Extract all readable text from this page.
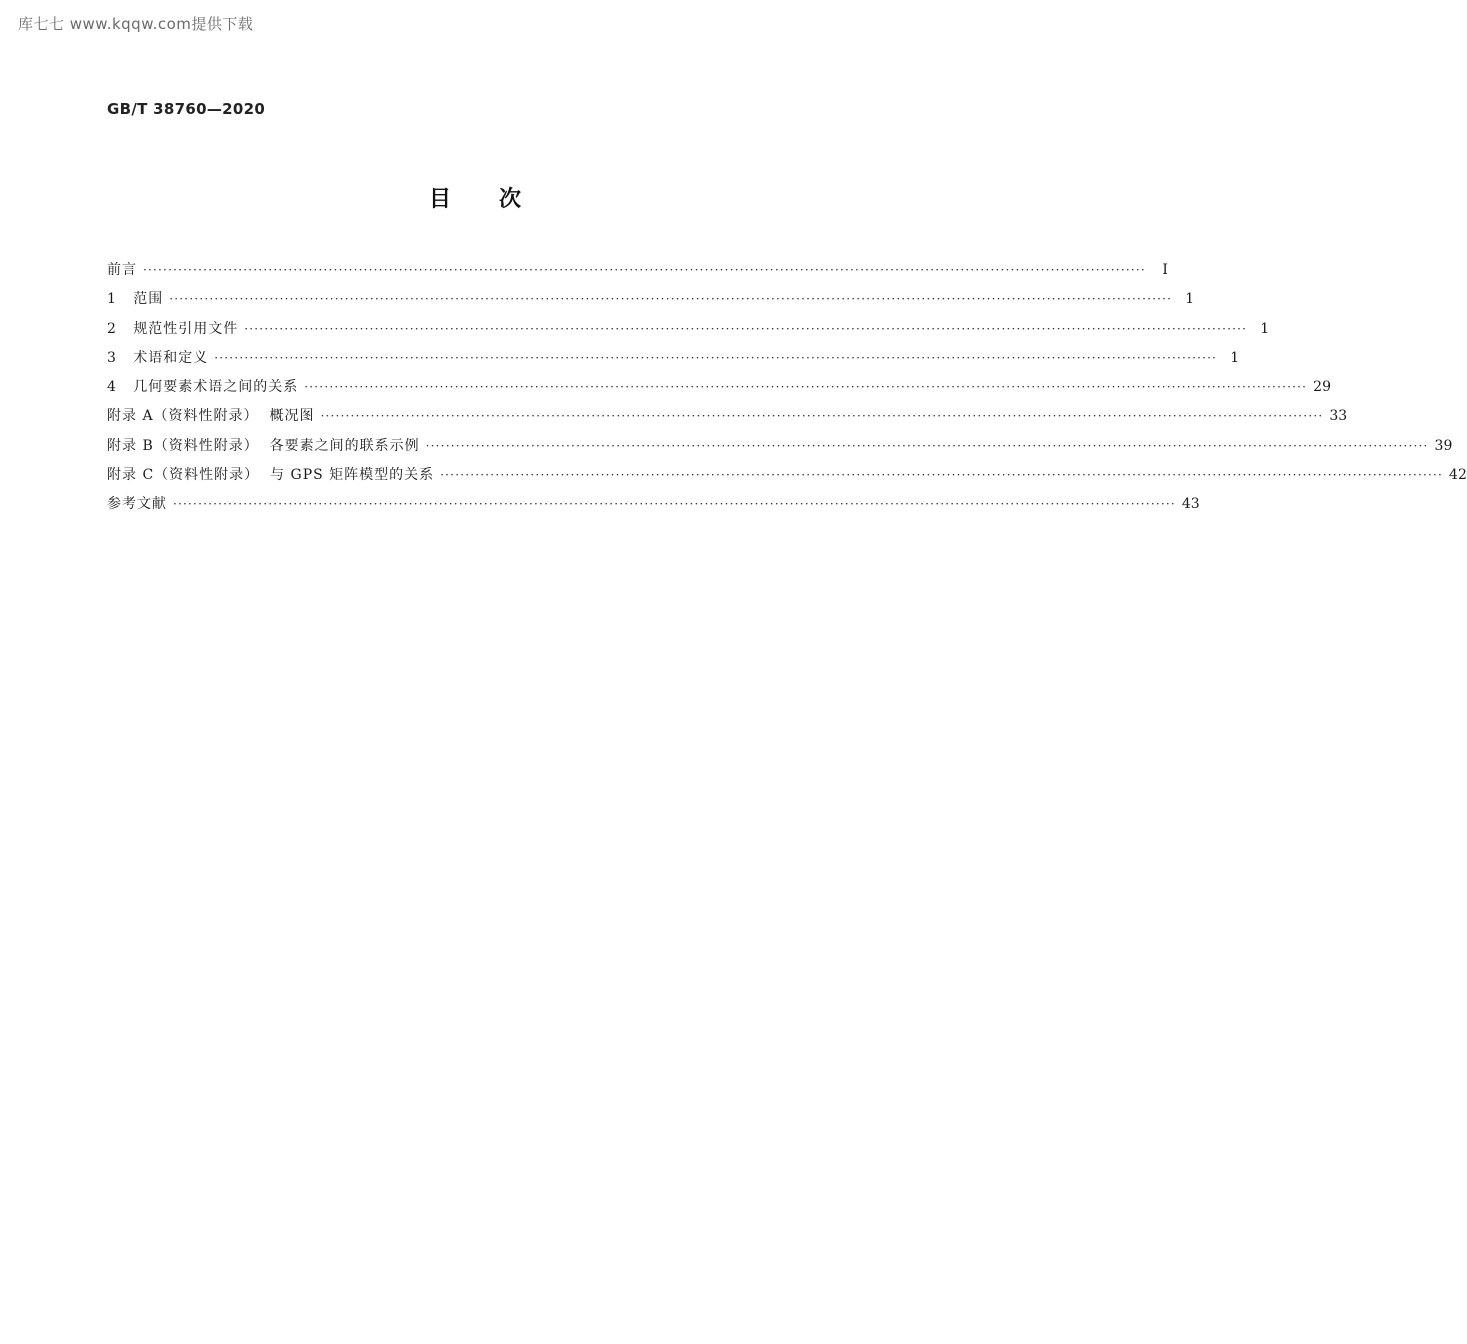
库七七 www.kqqw.com提供下载
GB/T 38760—2020
目次
前言 ········································································································································································································	Ⅰ
1   范围 ········································································································································································································ 1
2   规范性引用文件 ········································································································································································································ 1
3   术语和定义 ········································································································································································································ 1
4   几何要素术语之间的关系 ········································································································································································································ 29
附录 A（资料性附录）  概况图 ········································································································································································································ 33
附录 B（资料性附录）  各要素之间的联系示例 ········································································································································································································ 39
附录 C（资料性附录）  与 GPS 矩阵模型的关系 ········································································································································································································ 42
参考文献 ········································································································································································································ 43
